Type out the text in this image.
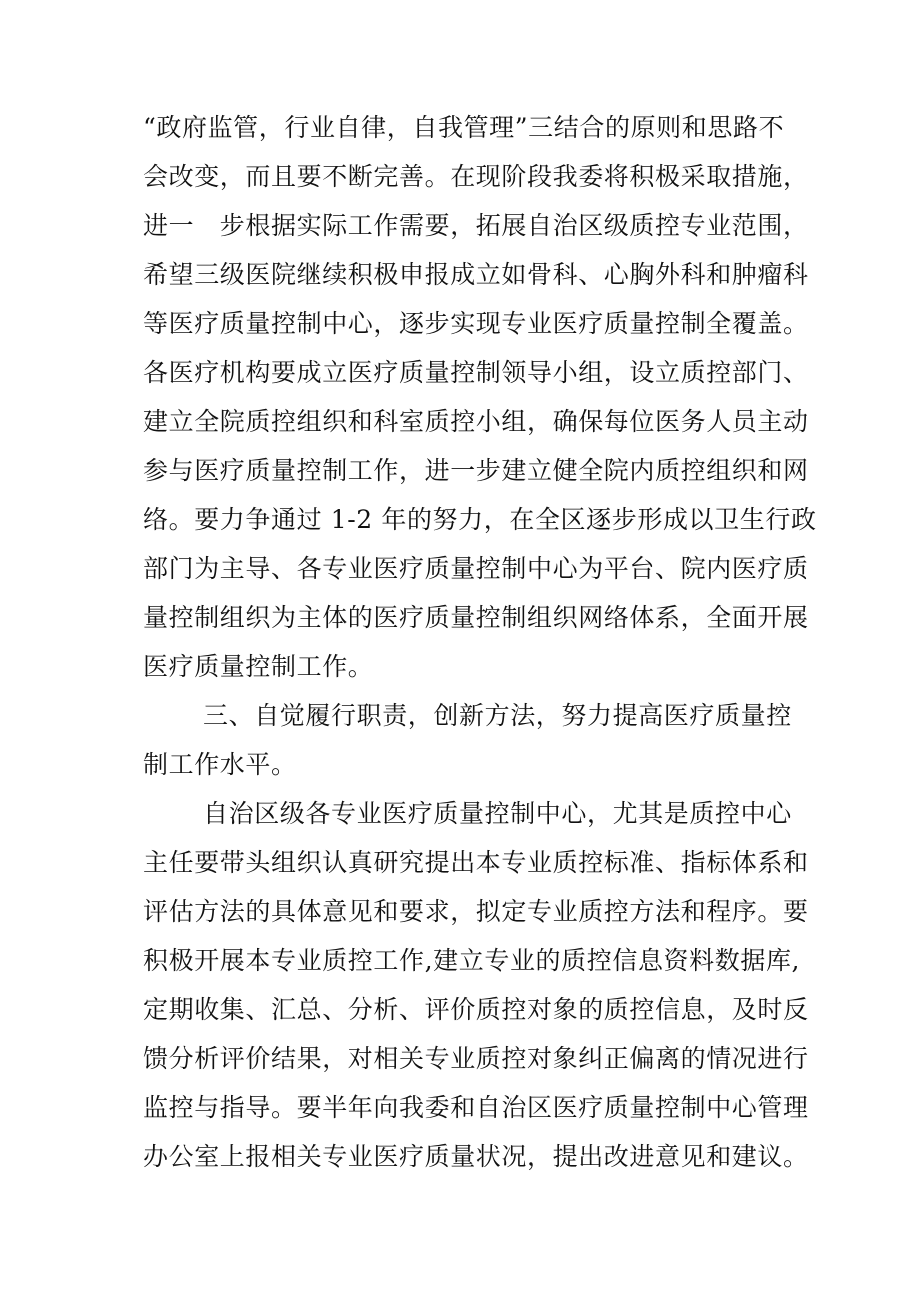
“政府监管，行业自律，自我管理”三结合的原则和思路不
会改变，而且要不断完善。在现阶段我委将积极采取措施，
进一　步根据实际工作需要，拓展自治区级质控专业范围，
希望三级医院继续积极申报成立如骨科、心胸外科和肿瘤科
等医疗质量控制中心，逐步实现专业医疗质量控制全覆盖。
各医疗机构要成立医疗质量控制领导小组，设立质控部门、
建立全院质控组织和科室质控小组，确保每位医务人员主动
参与医疗质量控制工作，进一步建立健全院内质控组织和网
络。要力争通过 1-2 年的努力，在全区逐步形成以卫生行政
部门为主导、各专业医疗质量控制中心为平台、院内医疗质
量控制组织为主体的医疗质量控制组织网络体系，全面开展
医疗质量控制工作。
三、自觉履行职责，创新方法，努力提高医疗质量控
制工作水平。
自治区级各专业医疗质量控制中心，尤其是质控中心
主任要带头组织认真研究提出本专业质控标准、指标体系和
评估方法的具体意见和要求，拟定专业质控方法和程序。要
积极开展本专业质控工作,建立专业的质控信息资料数据库,
定期收集、汇总、分析、评价质控对象的质控信息，及时反
馈分析评价结果，对相关专业质控对象纠正偏离的情况进行
监控与指导。要半年向我委和自治区医疗质量控制中心管理
办公室上报相关专业医疗质量状况，提出改进意见和建议。
